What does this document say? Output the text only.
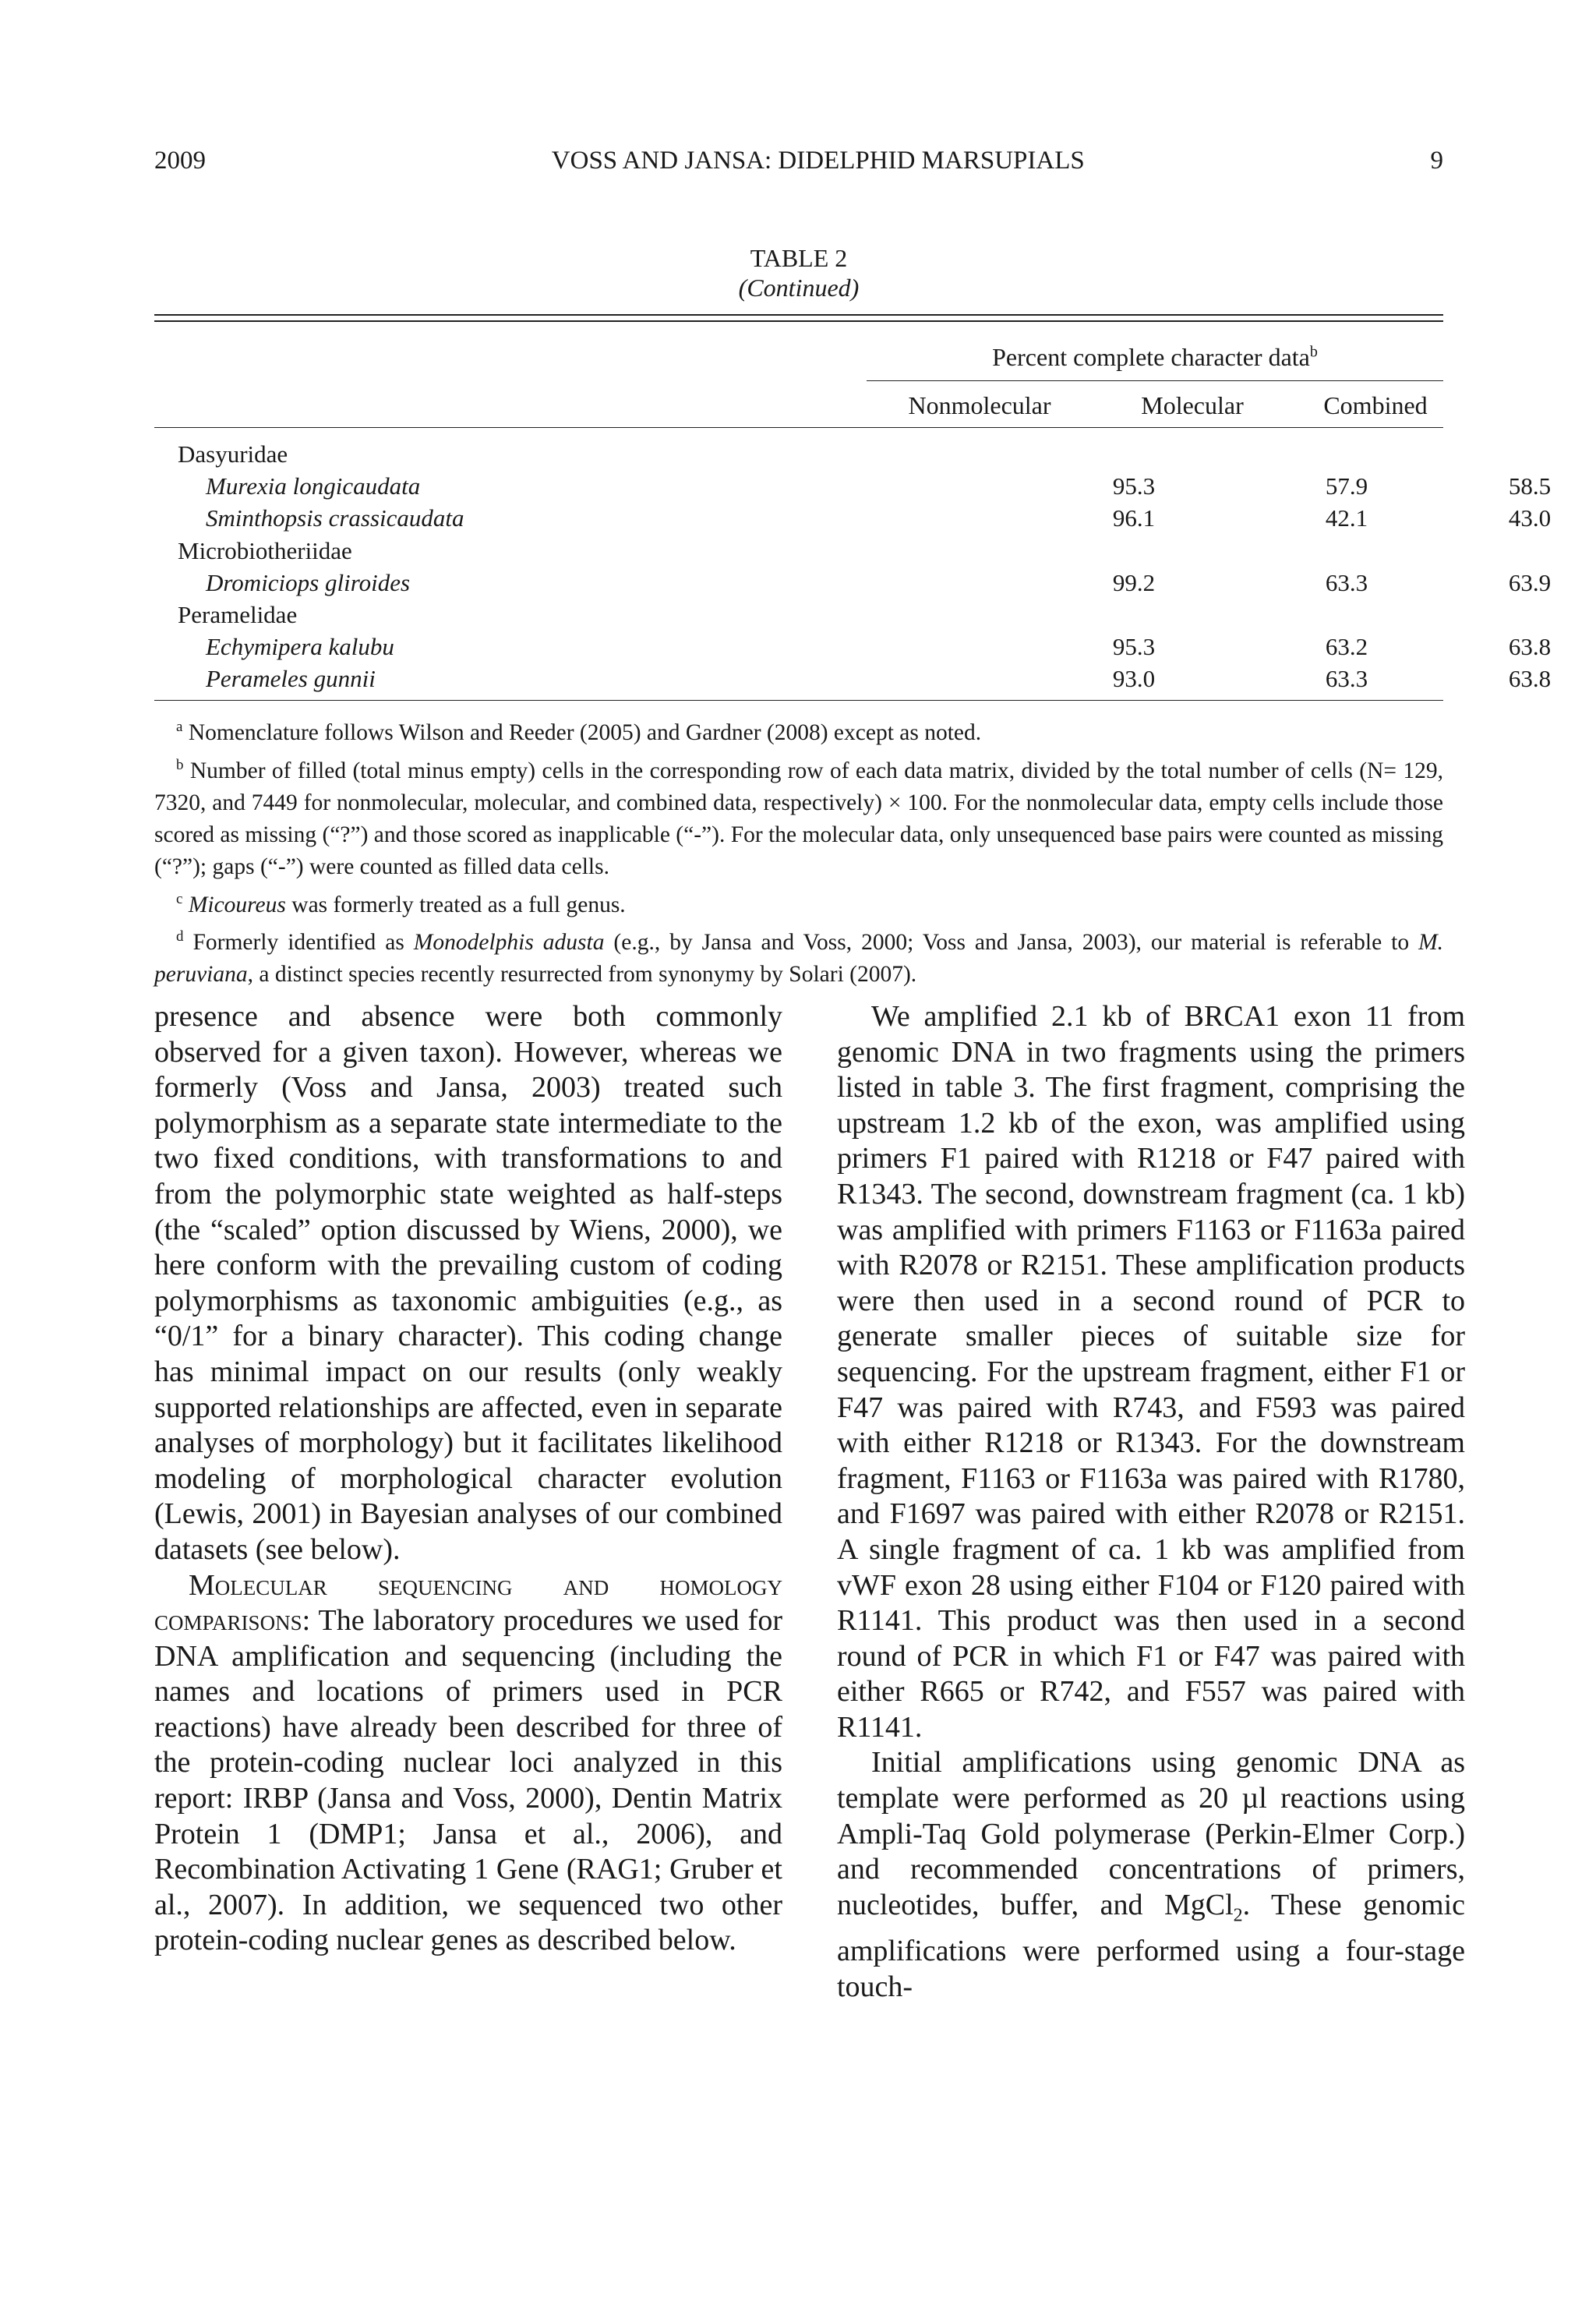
2009	VOSS AND JANSA: DIDELPHID MARSUPIALS	9
TABLE 2
(Continued)
Percent complete character data$^b$
Nonmolecular	Molecular	Combined
Dasyuridae
Murexia longicaudata	95.3	57.9	58.5
Sminthopsis crassicaudata	96.1	42.1	43.0
Microbiotheriidae
Dromiciops gliroides	99.2	63.3	63.9
Peramelidae
Echymipera kalubu	95.3	63.2	63.8
Perameles gunnii	93.0	63.3	63.8

$^a$ Nomenclature follows Wilson and Reeder (2005) and Gardner (2008) except as noted.

$^b$ Number of filled (total minus empty) cells in the corresponding row of each data matrix, divided by the total number of cells (N= 129, 7320, and 7449 for nonmolecular, molecular, and combined data, respectively) × 100. For the nonmolecular data, empty cells include those scored as missing (“?”) and those scored as inapplicable (“-”). For the molecular data, only unsequenced base pairs were counted as missing (“?”); gaps (“-”) were counted as filled data cells.

$^c$ Micoureus was formerly treated as a full genus.

$^d$ Formerly identified as Monodelphis adusta (e.g., by Jansa and Voss, 2000; Voss and Jansa, 2003), our material is referable to M. peruviana, a distinct species recently resurrected from synonymy by Solari (2007).

presence and absence were both commonly observed for a given taxon). However, whereas we formerly (Voss and Jansa, 2003) treated such polymorphism as a separate state intermediate to the two fixed conditions, with transformations to and from the polymorphic state weighted as half-steps (the “scaled” option discussed by Wiens, 2000), we here conform with the prevailing custom of coding polymorphisms as taxonomic ambiguities (e.g., as “0/1” for a binary character). This coding change has minimal impact on our results (only weakly supported relationships are affected, even in separate analyses of morphology) but it facilitates likelihood modeling of morphological character evolution (Lewis, 2001) in Bayesian analyses of our combined datasets (see below).

Molecular sequencing and homology comparisons: The laboratory procedures we used for DNA amplification and sequencing (including the names and locations of primers used in PCR reactions) have already been described for three of the protein-coding nuclear loci analyzed in this report: IRBP (Jansa and Voss, 2000), Dentin Matrix Protein 1 (DMP1; Jansa et al., 2006), and Recombination Activating 1 Gene (RAG1; Gruber et al., 2007). In addition, we sequenced two other protein-coding nuclear genes as described below.

We amplified 2.1 kb of BRCA1 exon 11 from genomic DNA in two fragments using the primers listed in table 3. The first fragment, comprising the upstream 1.2 kb of the exon, was amplified using primers F1 paired with R1218 or F47 paired with R1343. The second, downstream fragment (ca. 1 kb) was amplified with primers F1163 or F1163a paired with R2078 or R2151. These amplification products were then used in a second round of PCR to generate smaller pieces of suitable size for sequencing. For the upstream fragment, either F1 or F47 was paired with R743, and F593 was paired with either R1218 or R1343. For the downstream fragment, F1163 or F1163a was paired with R1780, and F1697 was paired with either R2078 or R2151. A single fragment of ca. 1 kb was amplified from vWF exon 28 using either F104 or F120 paired with R1141. This product was then used in a second round of PCR in which F1 or F47 was paired with either R665 or R742, and F557 was paired with R1141.

Initial amplifications using genomic DNA as template were performed as 20 µl reactions using Ampli-Taq Gold polymerase (Perkin-Elmer Corp.) and recommended concentrations of primers, nucleotides, buffer, and MgCl$_2$. These genomic amplifications were performed using a four-stage touch-
